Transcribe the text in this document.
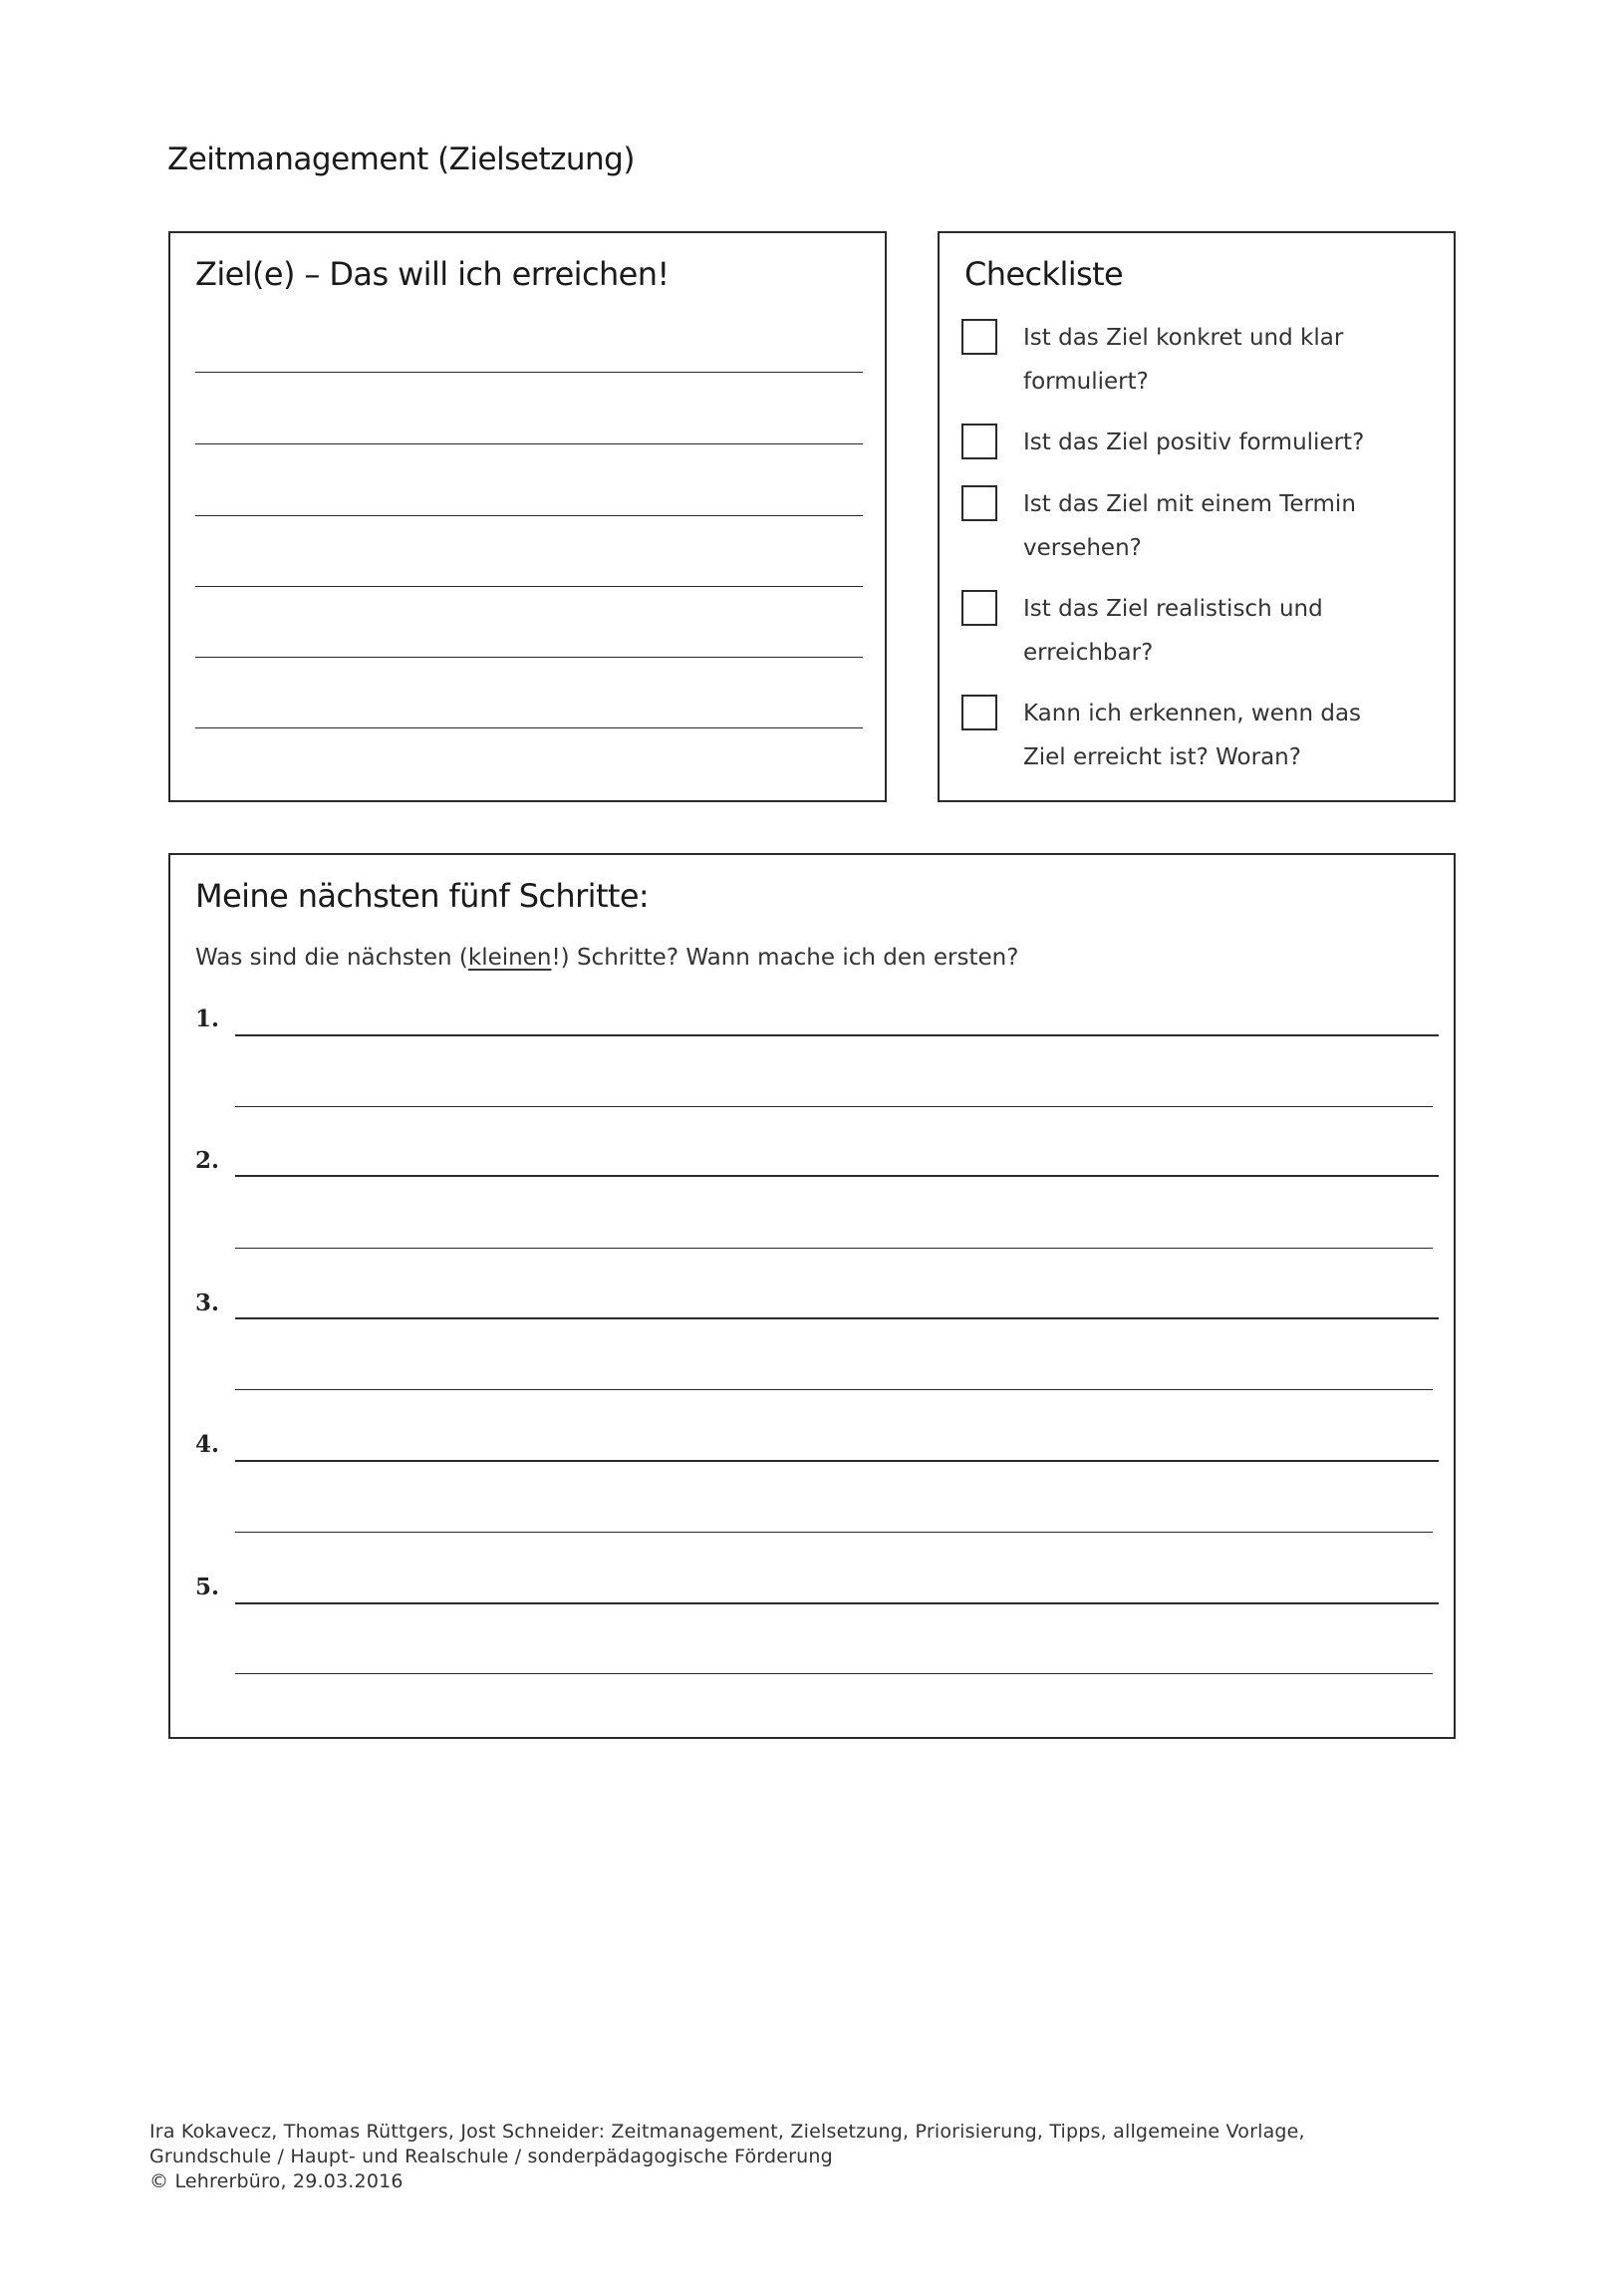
Zeitmanagement (Zielsetzung)
Ziel(e) – Das will ich erreichen!	Checkliste
Ist das Ziel konkret und klar
formuliert?
Ist das Ziel positiv formuliert?
Ist das Ziel mit einem Termin
versehen?
Ist das Ziel realistisch und
erreichbar?
Kann ich erkennen, wenn das
Ziel erreicht ist? Woran?
Meine nächsten fünf Schritte:
Was sind die nächsten (kleinen!) Schritte? Wann mache ich den ersten?
1.
2.
3.
4.
5.
Ira Kokavecz, Thomas Rüttgers, Jost Schneider: Zeitmanagement, Zielsetzung, Priorisierung, Tipps, allgemeine Vorlage,
Grundschule / Haupt- und Realschule / sonderpädagogische Förderung
© Lehrerbüro, 29.03.2016
